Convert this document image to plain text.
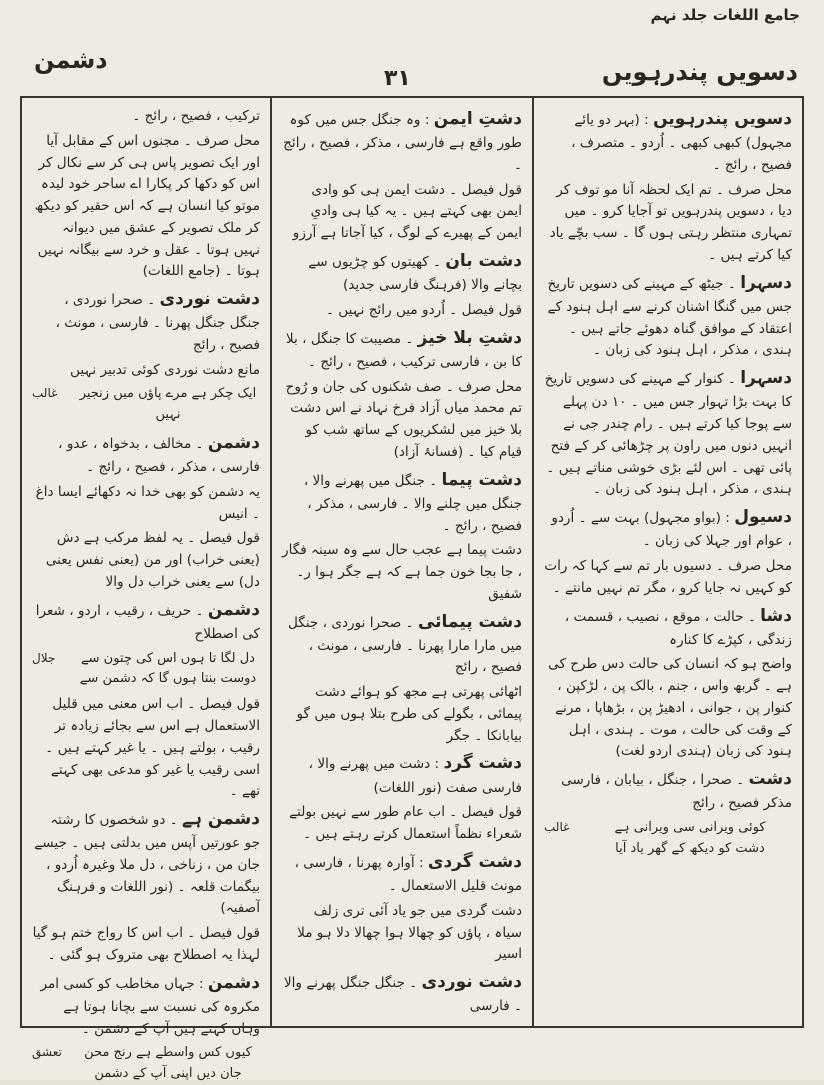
جامع اللغات جلد نہم
دشمن	دسویں پندرہویں
۳۱

دسویں پندرہویں : (بہر دو یائے مجہول) کبھی کبھی ۔ اُردو ۔ متصرف ، فصیح ، رائج ۔

محل صرف ۔ تم ایک لحظہ آنا مو توف کر دیا ، دسویں پندرہویں تو آجایا کرو ۔ میں تمہاری منتظر رہتی ہوں گا ۔ سب بچّے یاد کیا کرتے ہیں ۔

دسہرا ۔ جیٹھ کے مہینے کی دسویں تاریخ جس میں گنگا اشنان کرنے سے اہل ہنود کے اعتقاد کے موافق گناہ دھوئے جاتے ہیں ۔ ہندی ، مذکر ، اہل ہنود کی زبان ۔

دسہرا ۔ کنوار کے مہینے کی دسویں تاریخ کا بہت بڑا تہوار جس میں ۔ ۱۰ دن پہلے سے پوجا کیا کرتے ہیں ۔ رام چندر جی نے انہیں دنوں میں راون پر چڑھائی کر کے فتح پائی تھی ۔ اس لئے بڑی خوشی مناتے ہیں ۔ ہندی ، مذکر ، اہل ہنود کی زبان ۔

دسیول : (بواو مجہول) بہت سے ۔ اُردو ، عوام اور جہلا کی زبان ۔

محل صرف ۔ دسیوں بار تم سے کہا کہ رات کو کہیں نہ جایا کرو ، مگر تم نہیں مانتے ۔

دشا ۔ حالت ، موقع ، نصیب ، قسمت ، زندگی ، کپڑے کا کنارہ

واضح ہو کہ انسان کی حالت دس طرح کی ہے ۔ گربھ واس ، جنم ، بالک پن ، لڑکپن ، کنوار پن ، جوانی ، ادھیڑ پن ، بڑھاپا ، مرنے کے وقت کی حالت ، موت ۔ ہندی ، اہل ہنود کی زبان (ہندی اردو لغت)

دشت ۔ صحرا ، جنگل ، بیابان ، فارسی مذکر فصیح ، رائج

کوئی ویرانی سی ویرانی ہے
دشت کو دیکھ کے گھر یاد آیا
غالب

دشتِ ایمن : وہ جنگل جس میں کوہ طور واقع ہے فارسی ، مذکر ، فصیح ، رائج ۔

قول فیصل ۔ دشت ایمن ہی کو وادی ایمن بھی کہتے ہیں ۔ یہ کیا ہی وادیِ ایمن کے پھیرے کے لوگ ، کیا آجاتا ہے آرزو

دشت بان ۔ کھیتوں کو چڑیوں سے بچانے والا (فرہنگ فارسی جدید)

قول فیصل ۔ اُردو میں رائج نہیں ۔

دشتِ بلا خیز ۔ مصیبت کا جنگل ، بلا کا بن ، فارسی ترکیب ، فصیح ، رائج ۔

محل صرف ۔ صف شکنوں کی جان و رُوح تم محمد میاں آزاد فرخ نہاد نے اس دشت بلا خیز میں لشکریوں کے ساتھ شب کو قیام کیا ۔ (فسانۂ آزاد)

دشت پیما ۔ جنگل میں پھرنے والا ، جنگل میں چلنے والا ۔ فارسی ، مذکر ، فصیح ، رائج ۔

دشت پیما ہے عجب حال سے وہ سینہ فگار ، جا بجا خون جما ہے کہ ہے جگر ہوا ر۔ شفیق

دشت پیمائی ۔ صحرا نوردی ، جنگل میں مارا مارا پھرنا ۔ فارسی ، مونث ، فصیح ، رائج

اٹھائی پھرتی ہے مجھ کو ہوائے دشت پیمائی ، بگولے کی طرح بتلا ہوں میں گو بیابانکا ۔ جگر

دشت گرد : دشت میں پھرنے والا ، فارسی صفت (نور اللغات)

قول فیصل ۔ اب عام طور سے نہیں بولتے شعراء نظماً استعمال کرتے رہتے ہیں ۔

دشت گردی : آوارہ پھرنا ، فارسی ، مونث قلیل الاستعمال ۔

دشت گردی میں جو یاد آئی تری زلف سیاہ ، پاؤں کو چھالا ہوا چھالا دلا ہو ملا اسیر

دشت نوردی ۔ جنگل جنگل پھرنے والا ۔ فارسی

ترکیب ، فصیح ، رائج ۔

محل صرف ۔ مجنوں اس کے مقابل آیا اور ایک تصویر پاس ہی کر سے نکال کر اس کو دکھا کر پکارا اے ساحر خود لیدہ موتو کیا انسان ہے کہ اس حقیر کو دیکھ کر ملک تصویر کے عشق میں دیوانہ نہیں ہوتا ۔ عقل و خرد سے بیگانہ نہیں ہوتا ۔ (جامع اللغات)

دشت نوردی ۔ صحرا نوردی ، جنگل جنگل پھرنا ۔ فارسی ، مونث ، فصیح ، رائج

مانع دشت نوردی کوئی تدبیر نہیں

ایک چکر ہے مرے پاؤں میں زنجیر نہیں
غالب

دشمن ۔ مخالف ، بدخواہ ، عدو ، فارسی ، مذکر ، فصیح ، رائج ۔

یہ دشمن کو بھی خدا نہ دکھائے ایسا داغ ۔ انیس

قول فیصل ۔ یہ لفظ مرکب ہے دش (یعنی خراب) اور من (یعنی نفس یعنی دل) سے یعنی خراب دل والا

دشمن ۔ حریف ، رقیب ، اردو ، شعرا کی اصطلاح

دل لگا تا ہوں اس کی چتون سے
دوست بنتا ہوں گا کہ دشمن سے
جلال

قول فیصل ۔ اب اس معنی میں قلیل الاستعمال ہے اس سے بجائے زیادہ تر رقیب ، بولتے ہیں ۔ یا غیر کہتے ہیں ۔ اسی رقیب یا غیر کو مدعی بھی کہتے تھے ۔

دشمن ہے ۔ دو شخصوں کا رشتہ جو عورتیں آپس میں بدلتی ہیں ۔ جیسے جان من ، زناخی ، دل ملا وغیرہ اُردو ، بیگمات قلعہ ۔ (نور اللغات و فرہنگ آصفیہ)

قول فیصل ۔ اب اس کا رواج ختم ہو گیا لہذا یہ اصطلاح بھی متروک ہو گئی ۔

دشمن : جہاں مخاطب کو کسی امر مکروہ کی نسبت سے بچانا ہوتا ہے وہاں کہتے ہیں آپ کے دشمن ۔

کیوں کس واسطے ہے رنج محن
جان دیں اپنی آپ کے دشمن
تعشق
